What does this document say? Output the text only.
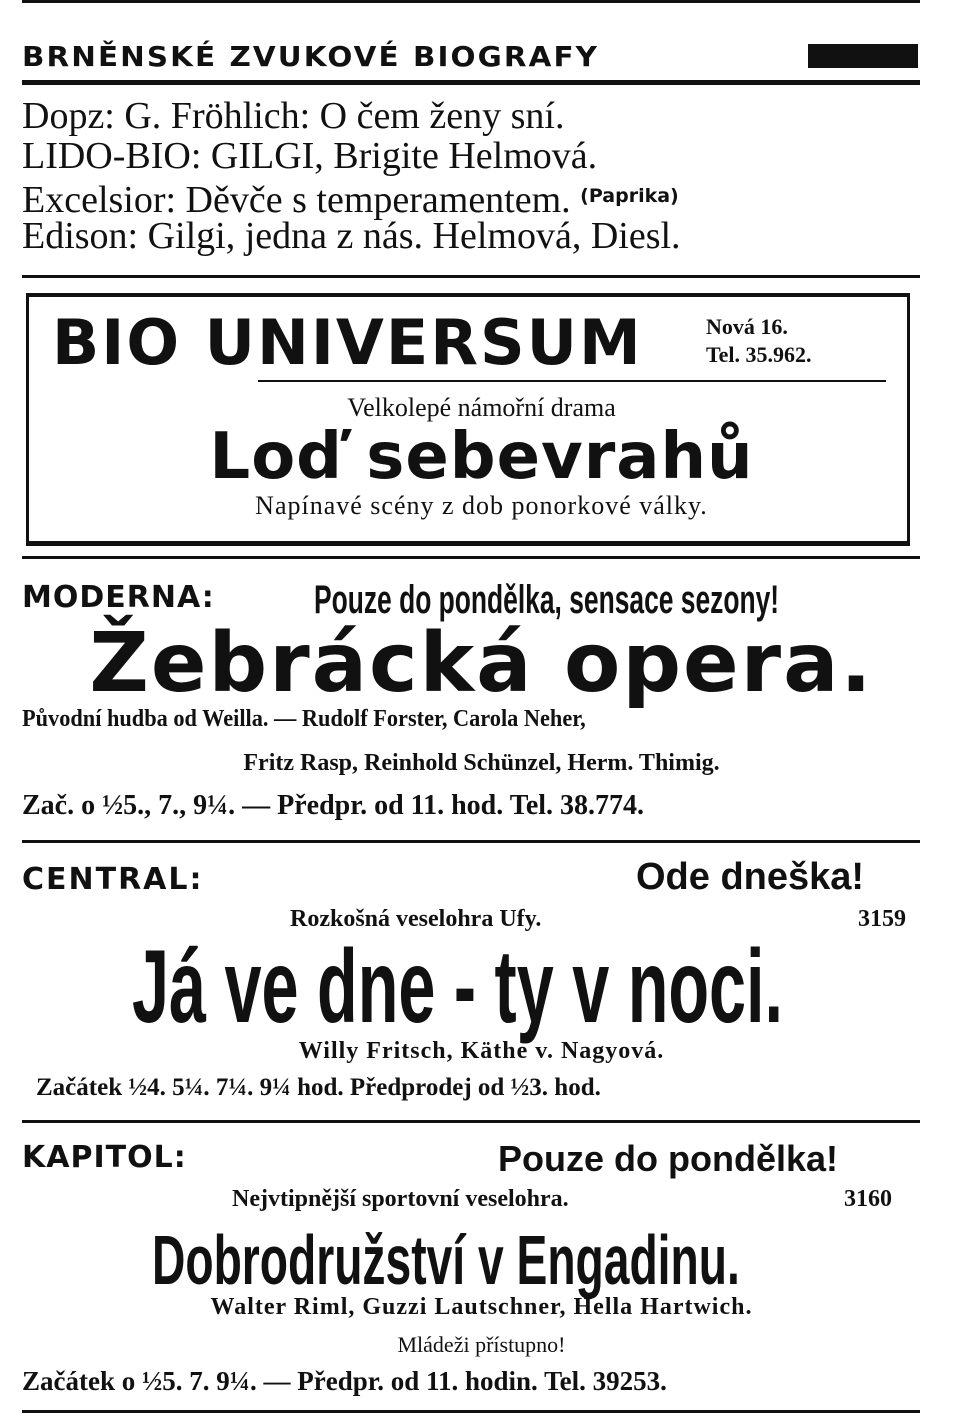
BRNĚNSKÉ ZVUKOVÉ BIOGRAFY
Dopz: G. Fröhlich: O čem ženy sní.
LIDO-BIO: GILGI, Brigite Helmová.
Excelsior: Děvče s temperamentem. $^{(Paprika)}$
Edison: Gilgi, jedna z nás. Helmová, Diesl.
BIO UNIVERSUM	Nová 16.
Tel. 35.962.
Velkolepé námořní drama
Loď sebevrahů
Napínavé scény z dob ponorkové války.
MODERNA: Pouze do pondělka, sensace sezony!
Žebrácká opera.
Původní hudba od Weilla. — Rudolf Forster, Carola Neher,
Fritz Rasp, Reinhold Schünzel, Herm. Thimig.
Zač. o ½5., 7., 9¼. — Předpr. od 11. hod. Tel. 38.774.
CENTRAL:	Ode dneška!
Rozkošná veselohra Ufy.	3159
Já ve dne - ty v noci.
Willy Fritsch, Käthe v. Nagyová.
Začátek ½4. 5¼. 7¼. 9¼ hod. Předprodej od ½3. hod.
KAPITOL:	Pouze do pondělka!
Nejvtipnější sportovní veselohra.	3160
Dobrodružství v Engadinu.
Walter Riml, Guzzi Lautschner, Hella Hartwich.
Mládeži přístupno!
Začátek o ½5. 7. 9¼. — Předpr. od 11. hodin. Tel. 39253.
